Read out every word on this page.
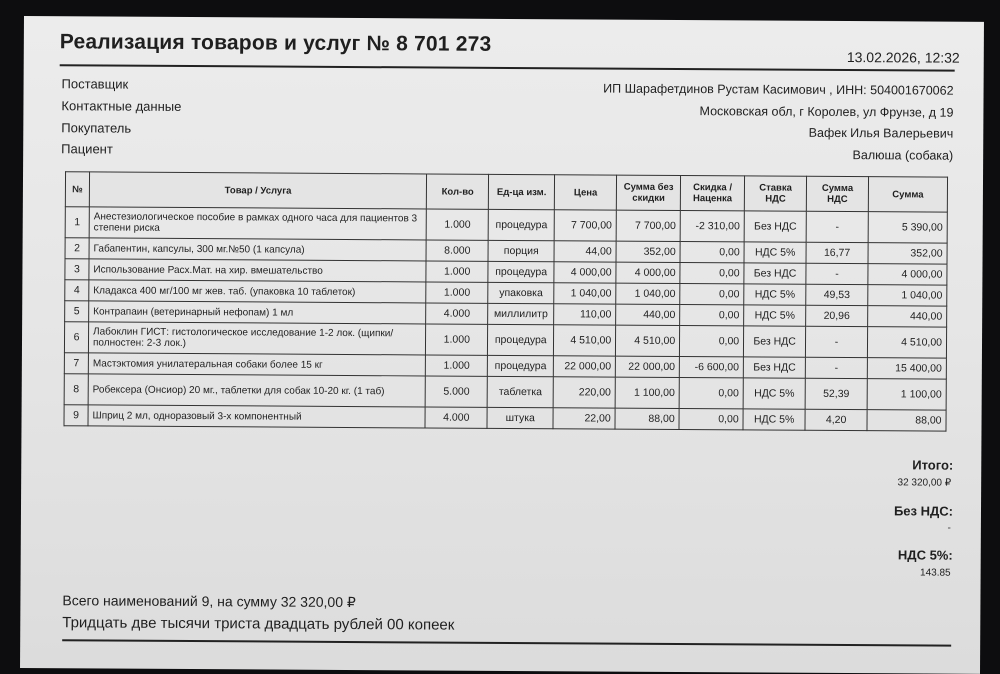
Реализация товаров и услуг № 8 701 273
13.02.2026, 12:32
Поставщик	ИП Шарафетдинов Рустам Касимович , ИНН: 504001670062
Контактные данные	Московская обл, г Королев, ул Фрунзе, д 19
Покупатель	Вафек Илья Валерьевич
Пациент	Валюша (собака)
№	Товар / Услуга	Кол-во	Ед-ца изм.	Цена	Сумма без скидки	Скидка / Наценка	Ставка НДС	Сумма НДС	Сумма
1	Анестезиологическое пособие в рамках одного часа для пациентов 3 степени риска	1.000	процедура	7 700,00	7 700,00	-2 310,00	Без НДС	-	5 390,00
2	Габапентин, капсулы, 300 мг.№50 (1 капсула)	8.000	порция	44,00	352,00	0,00	НДС 5%	16,77	352,00
3	Использование Расх.Мат. на хир. вмешательство	1.000	процедура	4 000,00	4 000,00	0,00	Без НДС	-	4 000,00
4	Кладакса 400 мг/100 мг жев. таб. (упаковка 10 таблеток)	1.000	упаковка	1 040,00	1 040,00	0,00	НДС 5%	49,53	1 040,00
5	Контрапаин (ветеринарный нефопам) 1 мл	4.000	миллилитр	110,00	440,00	0,00	НДС 5%	20,96	440,00
6	Лабоклин ГИСТ: гистологическое исследование 1-2 лок. (щипки/полностен: 2-3 лок.)	1.000	процедура	4 510,00	4 510,00	0,00	Без НДС	-	4 510,00
7	Мастэктомия унилатеральная собаки более 15 кг	1.000	процедура	22 000,00	22 000,00	-6 600,00	Без НДС	-	15 400,00
8	Робексера (Онсиор) 20 мг., таблетки для собак 10-20 кг. (1 таб)	5.000	таблетка	220,00	1 100,00	0,00	НДС 5%	52,39	1 100,00
9	Шприц 2 мл, одноразовый 3-х компонентный	4.000	штука	22,00	88,00	0,00	НДС 5%	4,20	88,00
Итого:
32 320,00 ₽
Без НДС:
-
НДС 5%:
143.85
Всего наименований 9, на сумму 32 320,00 ₽
Тридцать две тысячи триста двадцать рублей 00 копеек
